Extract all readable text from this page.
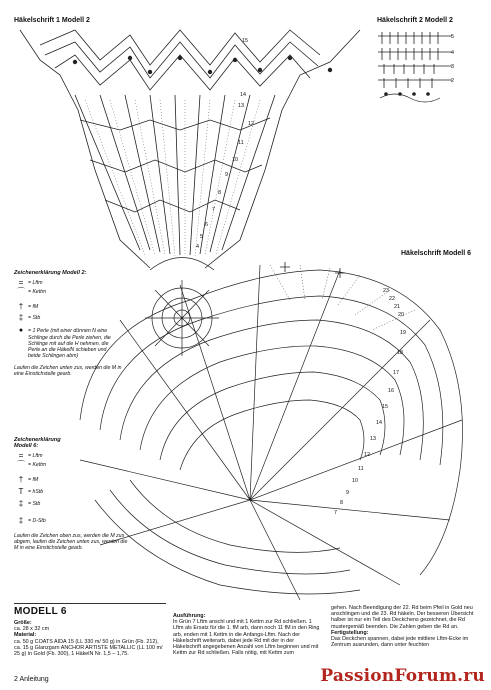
Häkelschrift 1 Modell 2	Häkelschrift 2 Modell 2
Häkelschrift Modell 6
15
14
13
12
11
10
9
8
7
6
5
4
5
4
3
2
23
22
21
20
19
18
17
16
15
14
13
12
11
10
9
8
7
Zeichenerklärung Modell 2:
= = Lftm
⌒ = Kettm
† = fM
‡ = Stb
● = 1 Perle (mit einer dünnen N eine Schlinge durch die Perle ziehen, die Schlinge mit auf die H nehmen, die Perle an die HäkelN schieben und beide Schlingen abm)
Laufen die Zeichen unten zus, werden die M in eine Einstichstelle gearb.
Zeichenerklärung Modell 6:
= = Lftm
⌒ = Kettm
† = fM
T = hStb
‡ = Stb
‡ = D-Stb
Laufen die Zeichen oben zus, werden die M zus abgem, laufen die Zeichen unten zus, werden die M in eine Einstichstelle gearb.
MODELL 6
Größe:
ca. 28 x 32 cm
Material:
ca. 50 g COATS AIDA 15 (LL 330 m/ 50 g) in Grün (Fb. 212), ca. 15 g Glanzgarn ANCHOR ARTISTE METALLIC (LL 100 m/ 25 g) in Gold (Fb. 300), 1 HäkelN Nr. 1,5 – 1,75.
Ausführung:
In Grün 7 Lftm anschl und mit 1 Kettm zur Rd schließen. 1 Lftm als Ersatz für die 1. fM arb, dann noch 11 fM in den Ring arb, enden mit 1 Kettm in die Anfangs-Lftm. Nach der Häkelschrift weiterarb, dabei jede Rd mit der in der Häkelschrift angegebenen Anzahl von Lftm beginnen und mit Kettm zur Rd schließen. Falls nötig, mit Kettm zum
gehen. Nach Beendigung der 22. Rd beim Pfeil in Gold neu anschlingen und die 23. Rd häkeln. Der besseren Übersicht halber ist nur ein Teil des Deckchens gezeichnet, die Rd mustergemäß beenden. Die Zahlen geben die Rd an.
Fertigstellung:
Das Deckchen spannen, dabei jede mittlere Lftm-Ecke im Zentrum ausrunden, dann unter feuchten
2 Anleitung	PassionForum.ru
